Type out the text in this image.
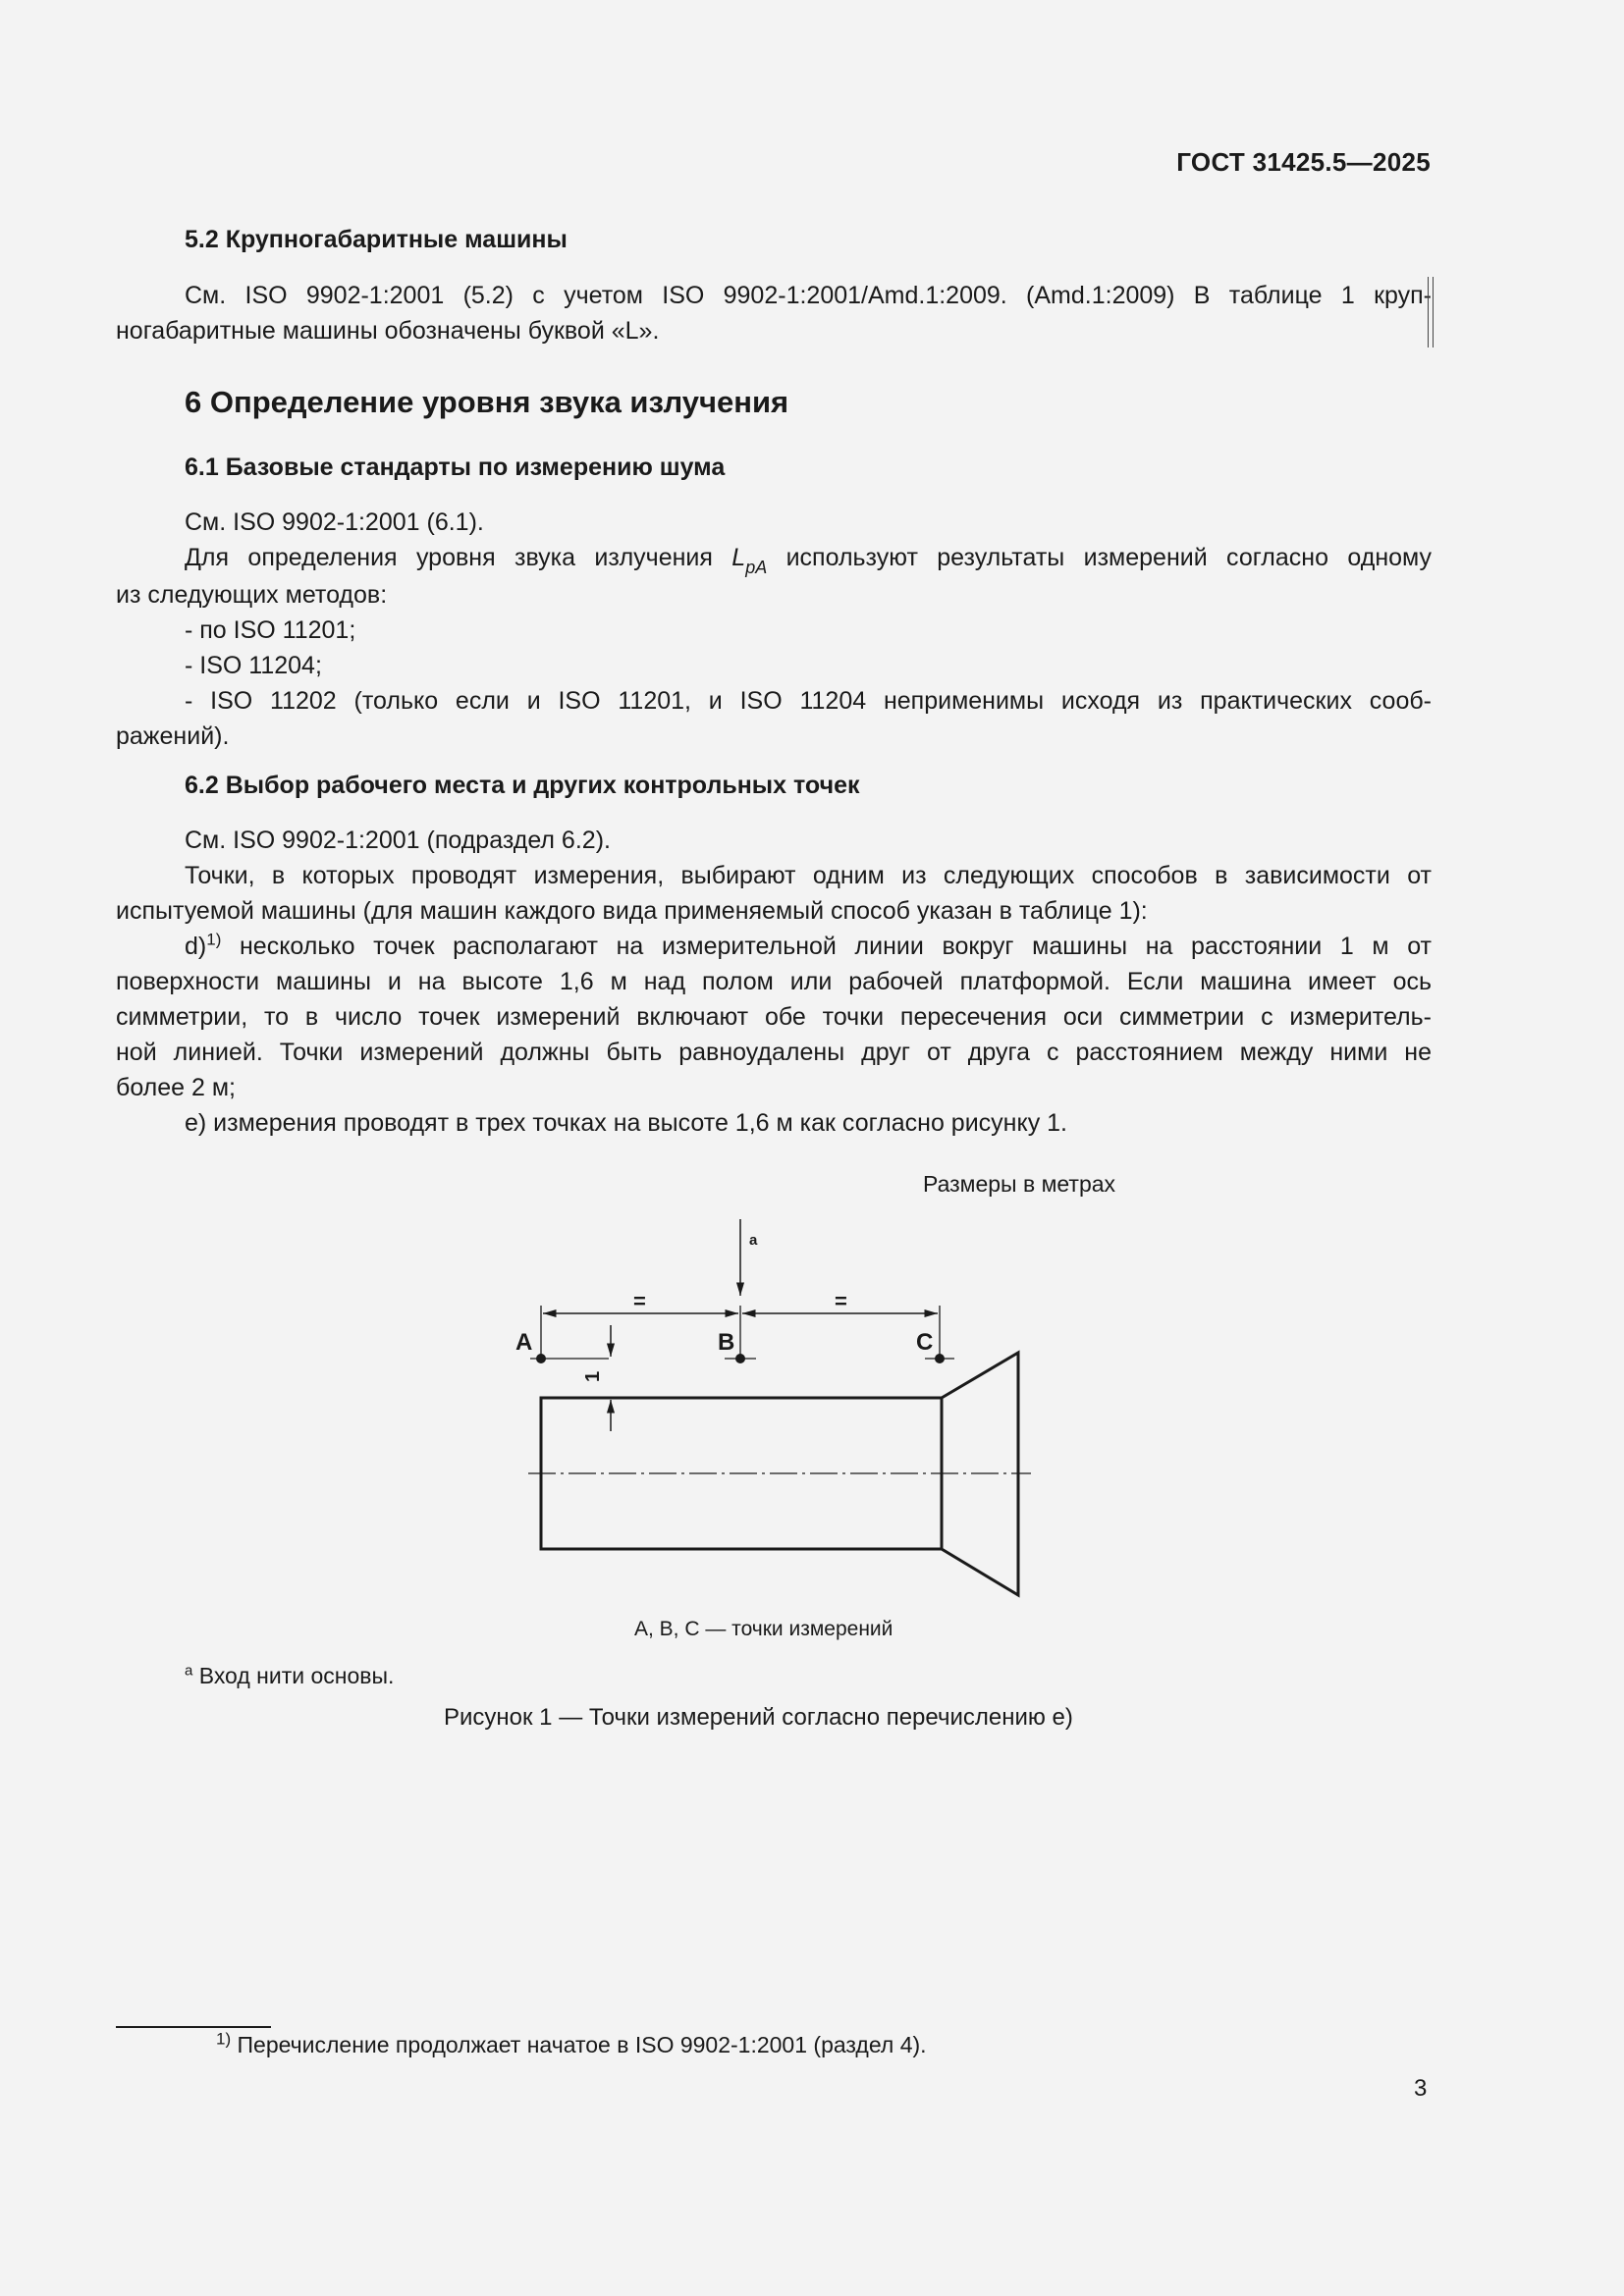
ГОСТ 31425.5—2025
5.2 Крупногабаритные машины

См. ISO 9902-1:2001 (5.2) с учетом ISO 9902-1:2001/Amd.1:2009. (Amd.1:2009) В таблице 1 круп-

ногабаритные машины обозначены буквой «L».

6 Определение уровня звука излучения
6.1 Базовые стандарты по измерению шума

См. ISO 9902-1:2001 (6.1).

Для определения уровня звука излучения $L_{pA}$ используют результаты измерений согласно одному

из следующих методов:

- по ISO 11201;

- ISO 11204;

- ISO 11202 (только если и ISO 11201, и ISO 11204 неприменимы исходя из практических сооб-

ражений).

6.2 Выбор рабочего места и других контрольных точек

См. ISO 9902-1:2001 (подраздел 6.2).

Точки, в которых проводят измерения, выбирают одним из следующих способов в зависимости от

испытуемой машины (для машин каждого вида применяемый способ указан в таблице 1):

d)$^{1)}$ несколько точек располагают на измерительной линии вокруг машины на расстоянии 1 м от

поверхности машины и на высоте 1,6 м над полом или рабочей платформой. Если машина имеет ось

симметрии, то в число точек измерений включают обе точки пересечения оси симметрии с измеритель-

ной линией. Точки измерений должны быть равноудалены друг от друга с расстоянием между ними не

более 2 м;

e) измерения проводят в трех точках на высоте 1,6 м как согласно рисунку 1.

Размеры в метрах
A	B	C
=	=
a
1
A, B, C — точки измерений
$^a$ Вход нити основы.
Рисунок 1 — Точки измерений согласно перечислению e)
$^{1)}$ Перечисление продолжает начатое в ISO 9902-1:2001 (раздел 4).
3
